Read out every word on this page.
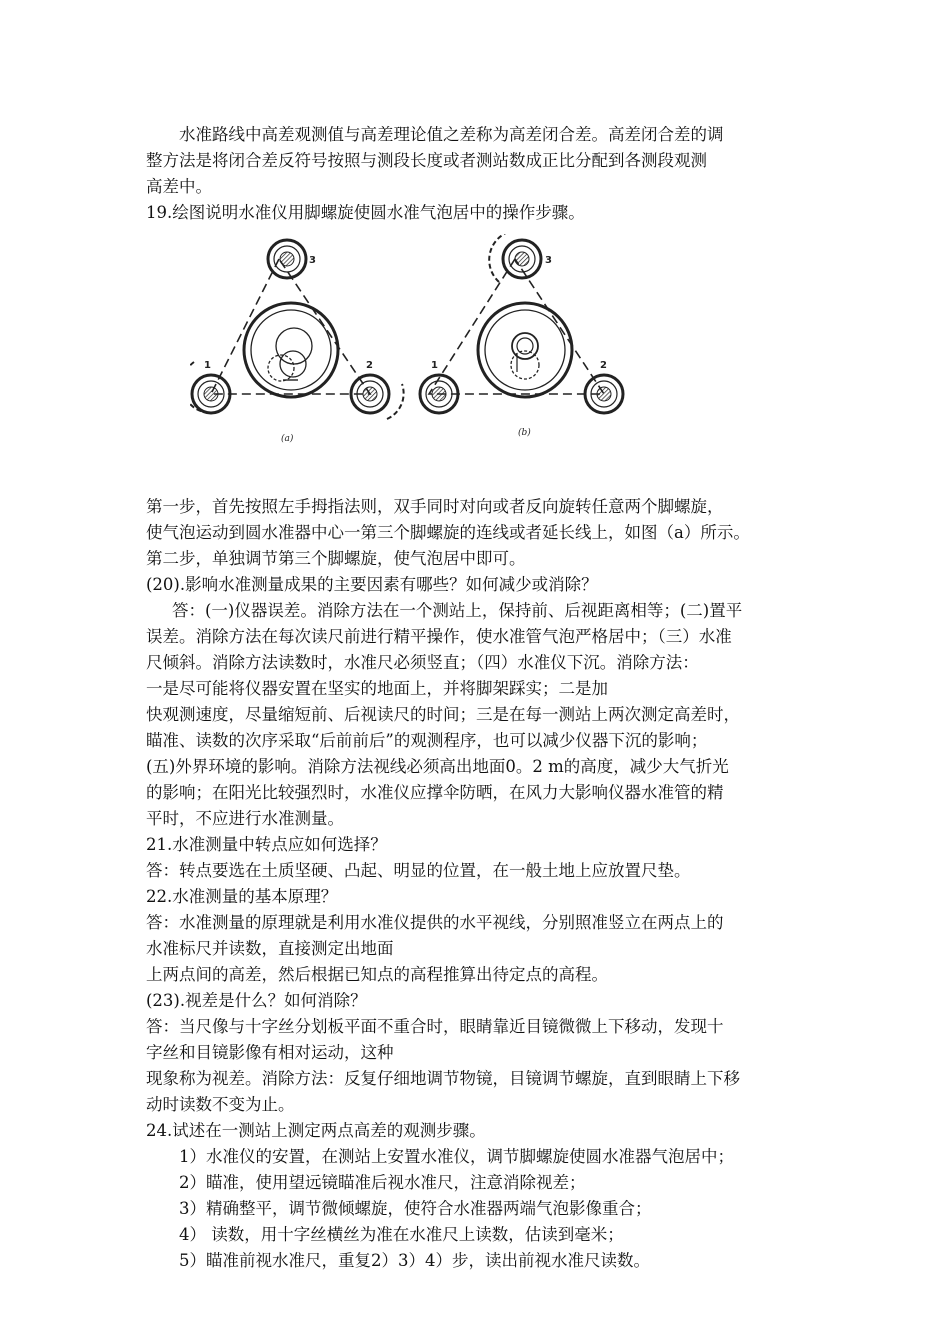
水准路线中高差观测值与高差理论值之差称为高差闭合差。高差闭合差的调
整方法是将闭合差反符号按照与测段长度或者测站数成正比分配到各测段观测
高差中。
19.绘图说明水准仪用脚螺旋使圆水准气泡居中的操作步骤。
3
1	2
3
1	2
(a)
(b)
第一步，首先按照左手拇指法则，双手同时对向或者反向旋转任意两个脚螺旋，
使气泡运动到圆水准器中心一第三个脚螺旋的连线或者延长线上，如图（a）所示。
第二步，单独调节第三个脚螺旋，使气泡居中即可。
(20).影响水准测量成果的主要因素有哪些？如何减少或消除？
答：(一)仪器误差。消除方法在一个测站上，保持前、后视距离相等；(二)置平
误差。消除方法在每次读尺前进行精平操作，使水准管气泡严格居中；（三）水准
尺倾斜。消除方法读数时，水准尺必须竖直；（四）水准仪下沉。消除方法：
一是尽可能将仪器安置在坚实的地面上，并将脚架踩实；二是加
快观测速度，尽量缩短前、后视读尺的时间；三是在每一测站上两次测定高差时，
瞄准、读数的次序采取“后前前后”的观测程序，也可以减少仪器下沉的影响；
(五)外界环境的影响。消除方法视线必须高出地面0。2 m的高度，减少大气折光
的影响；在阳光比较强烈时，水准仪应撑伞防晒，在风力大影响仪器水准管的精
平时，不应进行水准测量。
21.水准测量中转点应如何选择？
答：转点要选在土质坚硬、凸起、明显的位置，在一般土地上应放置尺垫。
22.水准测量的基本原理？
答：水准测量的原理就是利用水准仪提供的水平视线，分别照准竖立在两点上的
水准标尺并读数，直接测定出地面
上两点间的高差，然后根据已知点的高程推算出待定点的高程。
(23).视差是什么？如何消除？
答：当尺像与十字丝分划板平面不重合时，眼睛靠近目镜微微上下移动，发现十
字丝和目镜影像有相对运动，这种
现象称为视差。消除方法：反复仔细地调节物镜，目镜调节螺旋，直到眼睛上下移
动时读数不变为止。
24.试述在一测站上测定两点高差的观测步骤。
1）水准仪的安置，在测站上安置水准仪，调节脚螺旋使圆水准器气泡居中；
2）瞄准，使用望远镜瞄准后视水准尺，注意消除视差；
3）精确整平，调节微倾螺旋，使符合水准器两端气泡影像重合；
4） 读数，用十字丝横丝为准在水准尺上读数，估读到毫米；
5）瞄准前视水准尺，重复2）3）4）步，读出前视水准尺读数。
